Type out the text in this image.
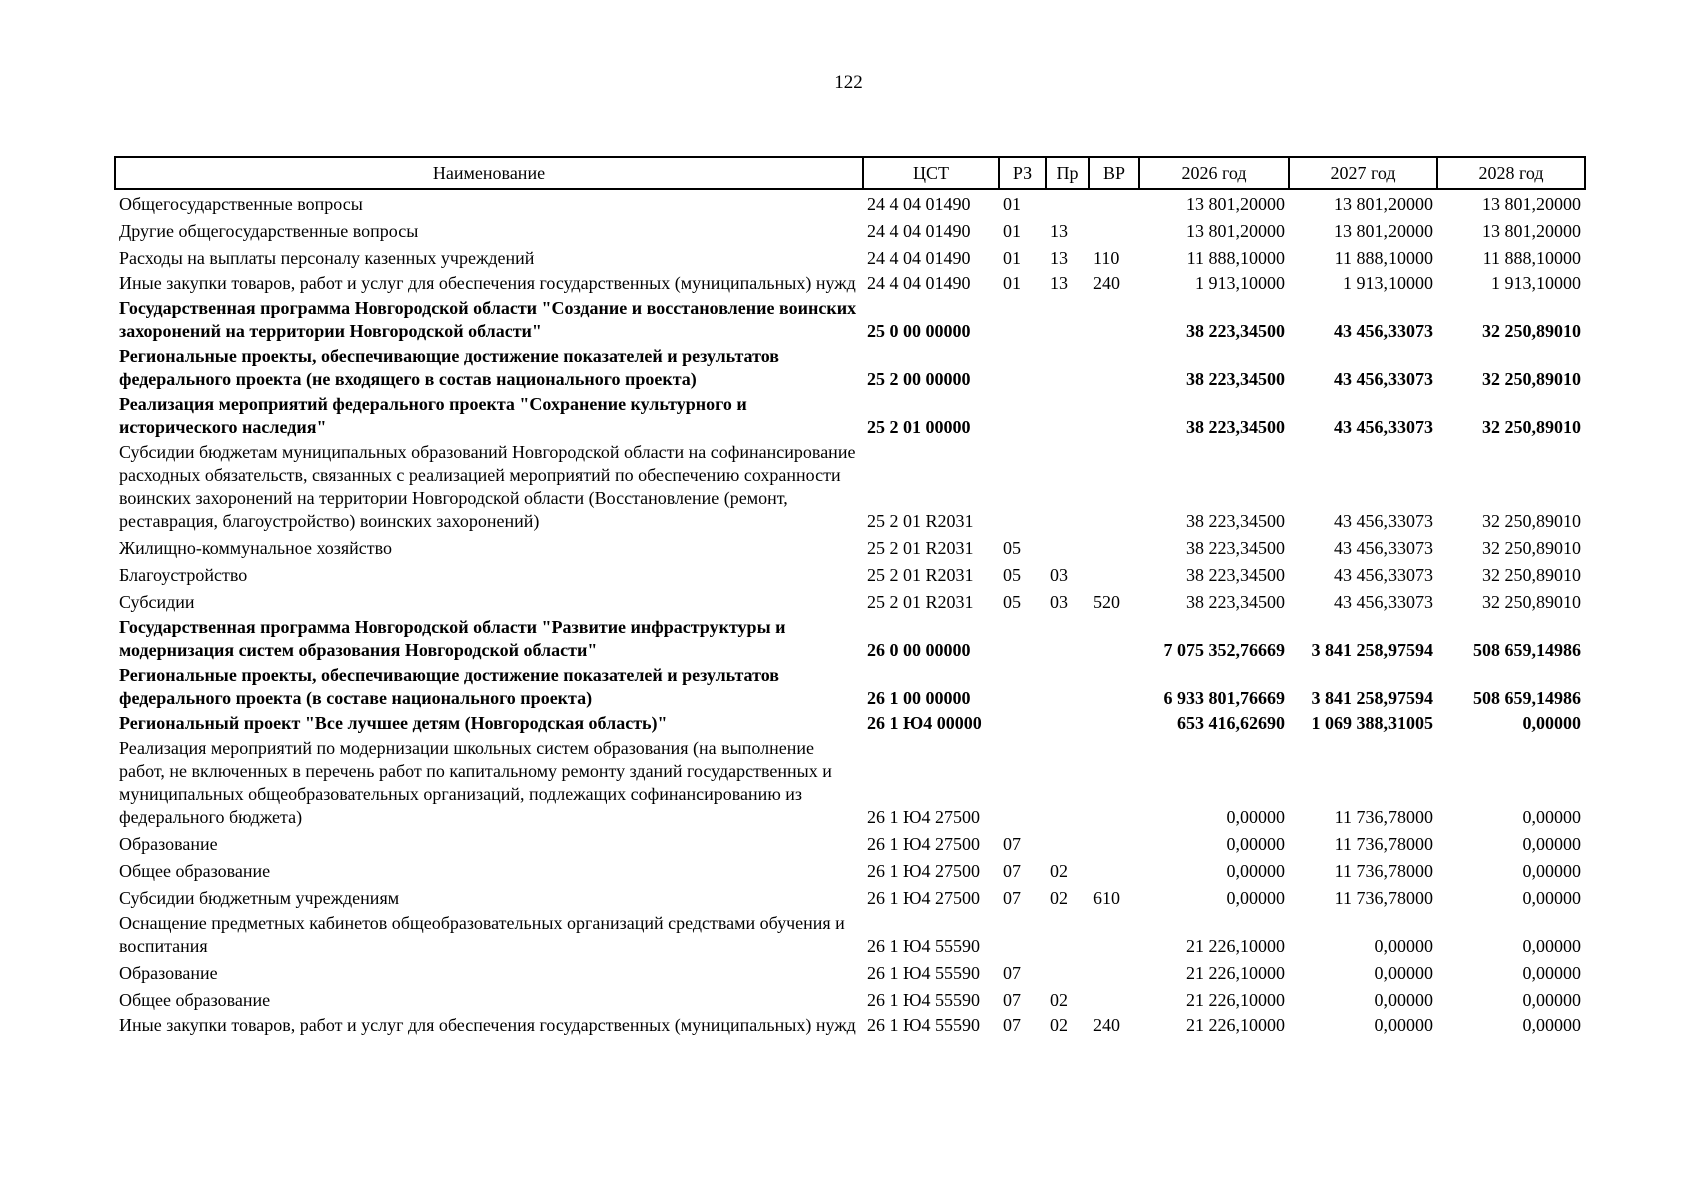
122
Наименование	ЦСТ	РЗ	Пр	ВР	2026 год	2027 год	2028 год
Общегосударственные вопросы	24 4 04 01490	01			13 801,20000	13 801,20000	13 801,20000
Другие общегосударственные вопросы	24 4 04 01490	01	13		13 801,20000	13 801,20000	13 801,20000
Расходы на выплаты персоналу казенных учреждений	24 4 04 01490	01	13	110	11 888,10000	11 888,10000	11 888,10000
Иные закупки товаров, работ и услуг для обеспечения государственных (муниципальных) нужд	24 4 04 01490	01	13	240	1 913,10000	1 913,10000	1 913,10000
Государственная программа Новгородской области "Создание и восстановление воинских захоронений на территории Новгородской области"	25 0 00 00000				38 223,34500	43 456,33073	32 250,89010
Региональные проекты, обеспечивающие достижение показателей и результатов федерального проекта (не входящего в состав национального проекта)	25 2 00 00000				38 223,34500	43 456,33073	32 250,89010
Реализация мероприятий федерального проекта "Сохранение культурного и исторического наследия"	25 2 01 00000				38 223,34500	43 456,33073	32 250,89010
Субсидии бюджетам муниципальных образований Новгородской области на софинансирование расходных обязательств, связанных с реализацией мероприятий по обеспечению сохранности воинских захоронений на территории Новгородской области (Восстановление (ремонт, реставрация, благоустройство) воинских захоронений)	25 2 01 R2031				38 223,34500	43 456,33073	32 250,89010
Жилищно-коммунальное хозяйство	25 2 01 R2031	05			38 223,34500	43 456,33073	32 250,89010
Благоустройство	25 2 01 R2031	05	03		38 223,34500	43 456,33073	32 250,89010
Субсидии	25 2 01 R2031	05	03	520	38 223,34500	43 456,33073	32 250,89010
Государственная программа Новгородской области "Развитие инфраструктуры и модернизация систем образования Новгородской области"	26 0 00 00000				7 075 352,76669	3 841 258,97594	508 659,14986
Региональные проекты, обеспечивающие достижение показателей и результатов федерального проекта (в составе национального проекта)	26 1 00 00000				6 933 801,76669	3 841 258,97594	508 659,14986
Региональный проект "Все лучшее детям (Новгородская область)"	26 1 Ю4 00000				653 416,62690	1 069 388,31005	0,00000
Реализация мероприятий по модернизации школьных систем образования (на выполнение работ, не включенных в перечень работ по капитальному ремонту зданий государственных и муниципальных общеобразовательных организаций, подлежащих софинансированию из федерального бюджета)	26 1 Ю4 27500				0,00000	11 736,78000	0,00000
Образование	26 1 Ю4 27500	07			0,00000	11 736,78000	0,00000
Общее образование	26 1 Ю4 27500	07	02		0,00000	11 736,78000	0,00000
Субсидии бюджетным учреждениям	26 1 Ю4 27500	07	02	610	0,00000	11 736,78000	0,00000
Оснащение предметных кабинетов общеобразовательных организаций средствами обучения и воспитания	26 1 Ю4 55590				21 226,10000	0,00000	0,00000
Образование	26 1 Ю4 55590	07			21 226,10000	0,00000	0,00000
Общее образование	26 1 Ю4 55590	07	02		21 226,10000	0,00000	0,00000
Иные закупки товаров, работ и услуг для обеспечения государственных (муниципальных) нужд	26 1 Ю4 55590	07	02	240	21 226,10000	0,00000	0,00000
